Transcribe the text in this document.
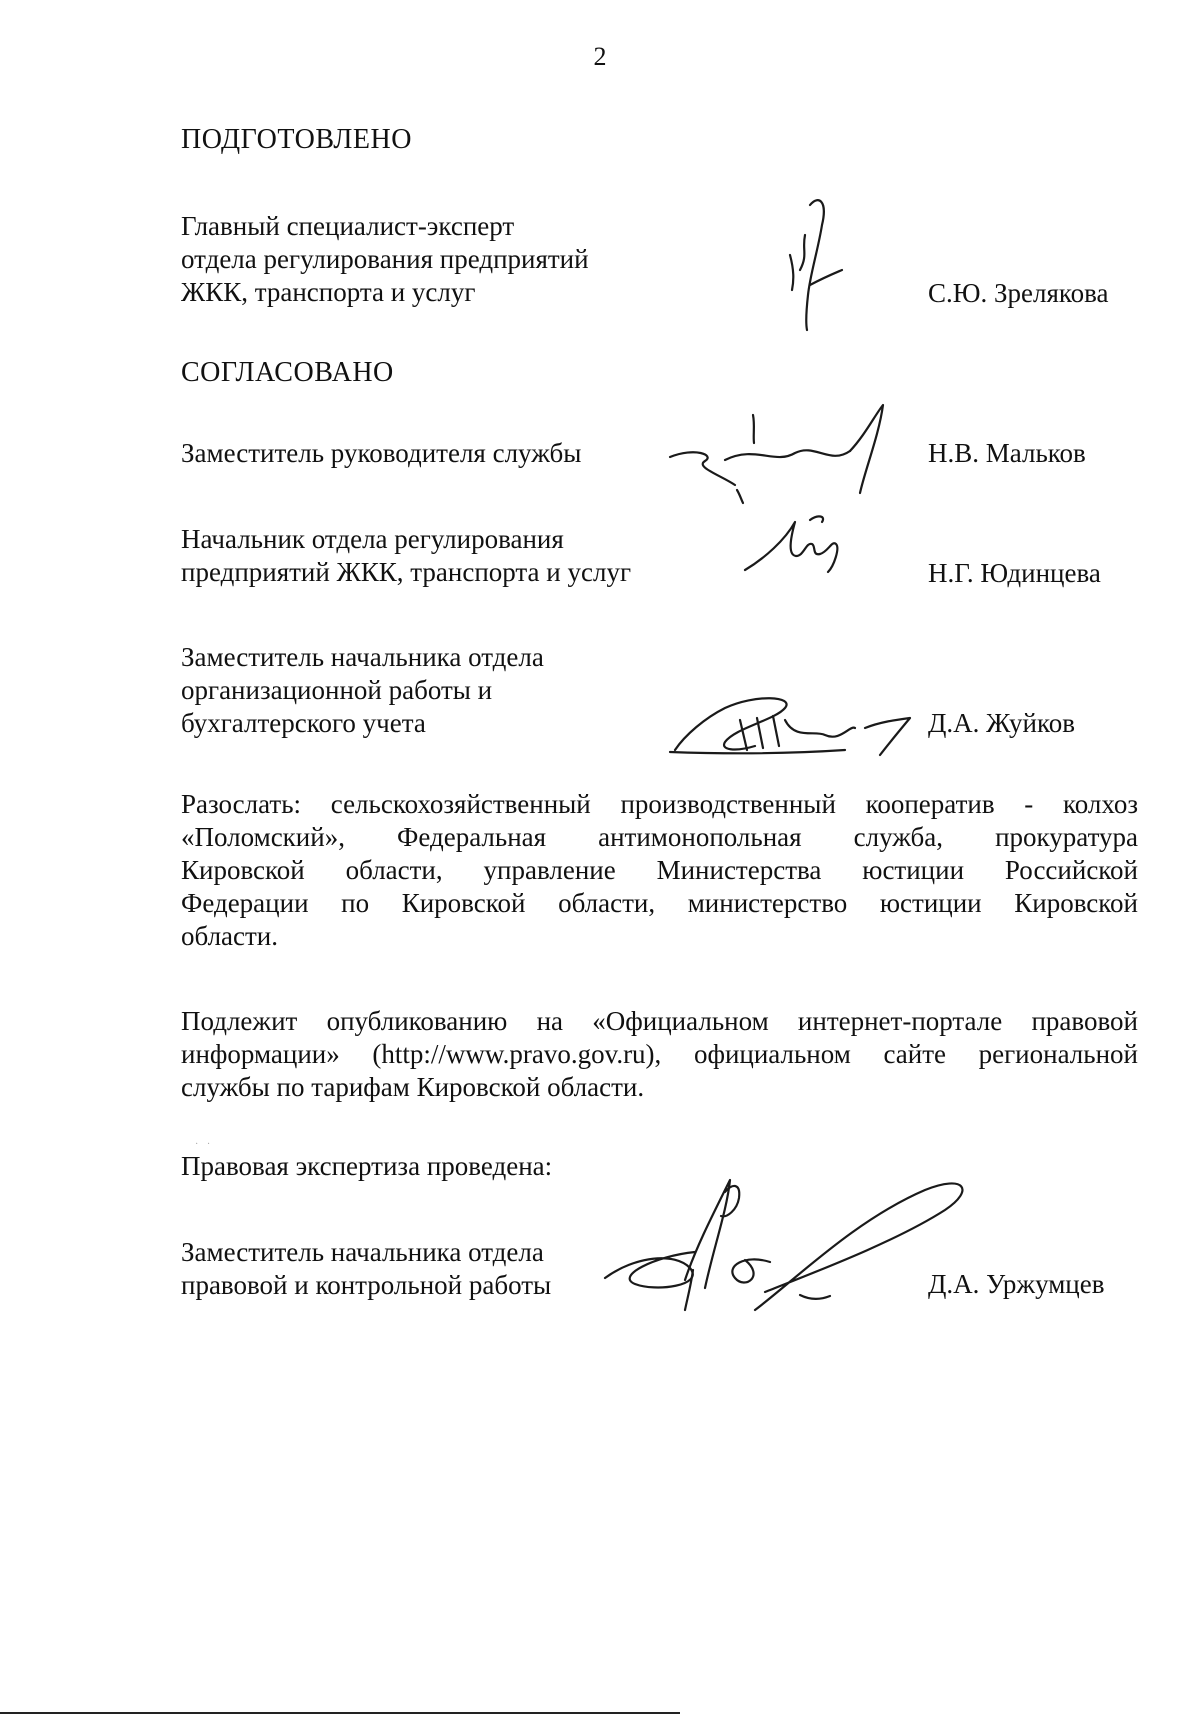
2
ПОДГОТОВЛЕНО
Главный специалист-эксперт
отдела регулирования предприятий
ЖКК, транспорта и услуг	С.Ю. Зрелякова
СОГЛАСОВАНО
Заместитель руководителя службы	Н.В. Мальков
Начальник отдела регулирования
предприятий ЖКК, транспорта и услуг	Н.Г. Юдинцева
Заместитель начальника отдела
организационной работы и
бухгалтерского учета	Д.А. Жуйков
Разослать: сельскохозяйственный производственный кооператив - колхоз
«Поломский», Федеральная антимонопольная служба, прокуратура
Кировской области, управление Министерства юстиции Российской
Федерации по Кировской области, министерство юстиции Кировской
области.
Подлежит опубликованию на «Официальном интернет-портале правовой
информации» (http://www.pravo.gov.ru), официальном сайте региональной
службы по тарифам Кировской области.
· ·
Правовая экспертиза проведена:
Заместитель начальника отдела
правовой и контрольной работы	Д.А. Уржумцев
